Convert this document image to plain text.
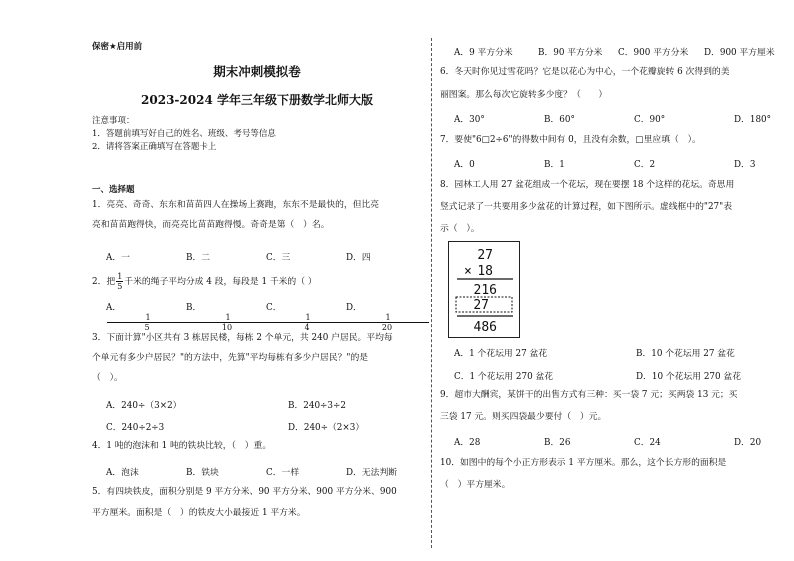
保密★启用前
期末冲刺模拟卷
2023-2024 学年三年级下册数学北师大版
注意事项：
1．答题前填写好自己的姓名、班级、考号等信息
2．请将答案正确填写在答题卡上
一、选择题
1．亮亮、奇奇、东东和苗苗四人在操场上赛跑，东东不是最快的，但比亮
亮和苗苗跑得快，而亮亮比苗苗跑得慢。奇奇是第（　）名。
A．一	B．二	C．三	D．四
2．把 $\frac{1}{5}$ 千米的绳子平均分成 4 段，每段是 1 千米的（ ）
A．$\frac{1}{5}$
B．$\frac{1}{10}$
C．$\frac{1}{4}$
D．$\frac{1}{20}$
3．下面计算"小区共有 3 栋居民楼，每栋 2 个单元，共 240 户居民。平均每
个单元有多少户居民？"的方法中，先算"平均每栋有多少户居民？"的是
（　）。
A．240÷（3×2）	B．240÷3÷2
C．240÷2÷3	D．240÷（2×3）
4．1 吨的泡沫和 1 吨的铁块比较，（　）重。
A．泡沫	B．铁块	C．一样	D．无法判断
5．有四块铁皮，面积分别是 9 平方分米、90 平方分米、900 平方分米、900
平方厘米。面积是（　）的铁皮大小最接近 1 平方米。
A．9 平方分米	B．90 平方分米	C．900 平方分米	D．900 平方厘米
6．冬天时你见过雪花吗？它是以花心为中心，一个花瓣旋转 6 次得到的美
丽图案。那么每次它旋转多少度？（　　）
A．30°	B．60°	C．90°	D．180°
7．要使"6□2÷6"的得数中间有 0，且没有余数，□里应填（　）。
A．0	B．1	C．2	D．3
8．园林工人用 27 盆花组成一个花坛，现在要摆 18 个这样的花坛。奇思用
竖式记录了一共要用多少盆花的计算过程，如下图所示。虚线框中的"27"表
示（　）。
27
× 18
216
27
486
A．1 个花坛用 27 盆花	B．10 个花坛用 27 盆花
C．1 个花坛用 270 盆花	D．10 个花坛用 270 盆花
9．超市大酬宾，某饼干的出售方式有三种：买一袋 7 元；买两袋 13 元；买
三袋 17 元。则买四袋最少要付（　）元。
A．28	B．26	C．24	D．20
10．如图中的每个小正方形表示 1 平方厘米。那么，这个长方形的面积是
（　）平方厘米。
